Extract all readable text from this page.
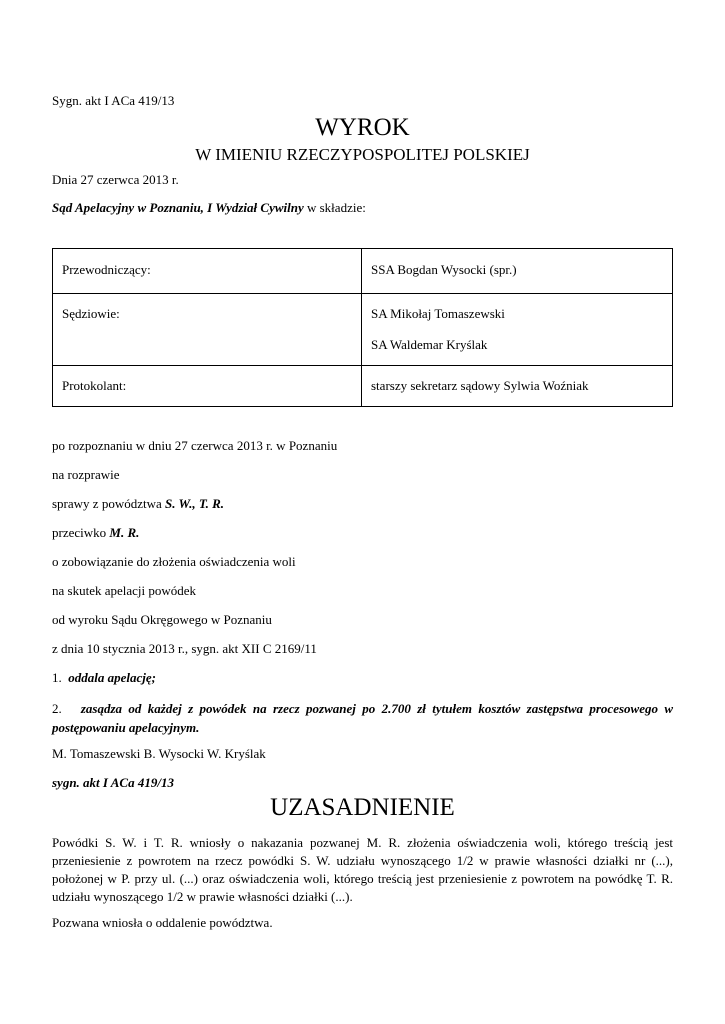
Sygn. akt I ACa 419/13
WYROK
W IMIENIU RZECZYPOSPOLITEJ POLSKIEJ
Dnia 27 czerwca 2013 r.
Sąd Apelacyjny w Poznaniu, I Wydział Cywilny w składzie:
Przewodniczący:	SSA Bogdan Wysocki (spr.)

Sędziowie:	SA Mikołaj Tomaszewski
SA Waldemar Kryślak

Protokolant:	starszy sekretarz sądowy Sylwia Woźniak
po rozpoznaniu w dniu 27 czerwca 2013 r. w Poznaniu
na rozprawie
sprawy z powództwa S. W., T. R.
przeciwko M. R.
o zobowiązanie do złożenia oświadczenia woli
na skutek apelacji powódek
od wyroku Sądu Okręgowego w Poznaniu
z dnia 10 stycznia 2013 r., sygn. akt XII C 2169/11
1. oddala apelację;
2. zasądza od każdej z powódek na rzecz pozwanej po 2.700 zł tytułem kosztów zastępstwa procesowego w postępowaniu apelacyjnym.
M. Tomaszewski B. Wysocki W. Kryślak
sygn. akt I ACa 419/13
UZASADNIENIE
Powódki S. W. i T. R. wniosły o nakazania pozwanej M. R. złożenia oświadczenia woli, którego treścią jest przeniesienie z powrotem na rzecz powódki S. W. udziału wynoszącego 1/2 w prawie własności działki nr (...), położonej w P. przy ul. (...) oraz oświadczenia woli, którego treścią jest przeniesienie z powrotem na powódkę T. R. udziału wynoszącego 1/2 w prawie własności działki (...).
Pozwana wniosła o oddalenie powództwa.
